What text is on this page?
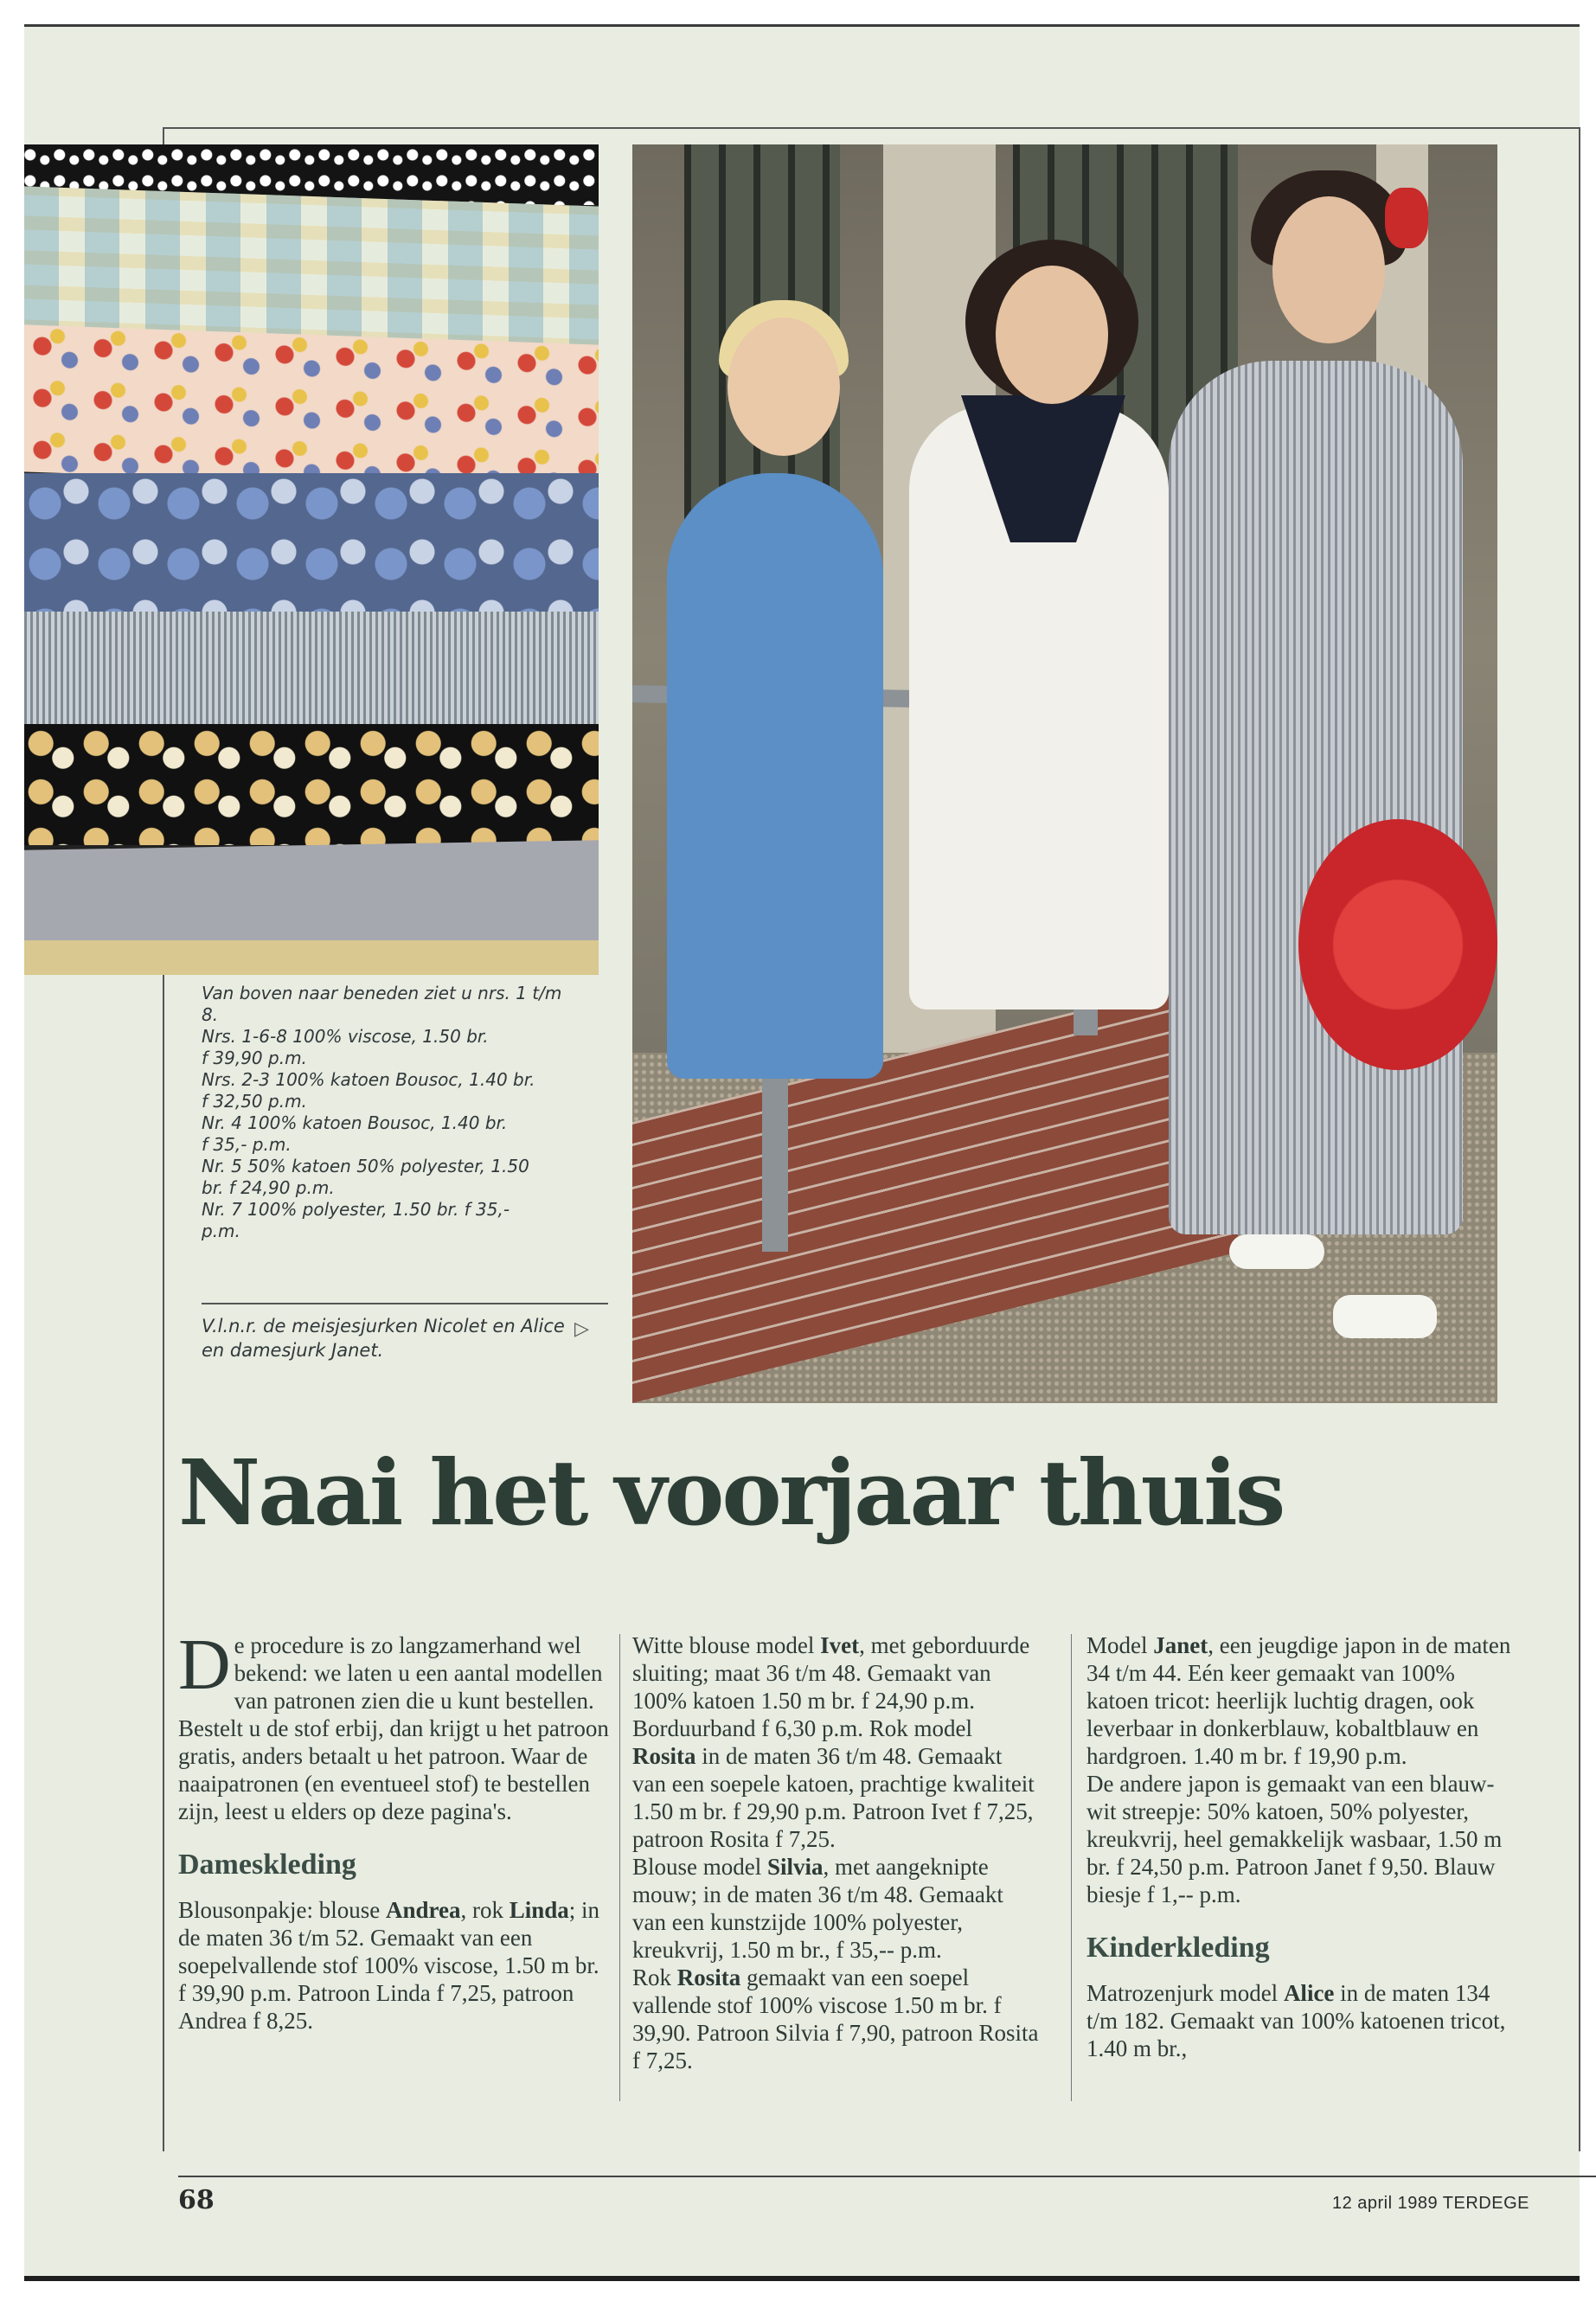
Van boven naar beneden ziet u nrs. 1 t/m
8.
Nrs. 1-6-8 100% viscose, 1.50 br.
f 39,90 p.m.
Nrs. 2-3 100% katoen Bousoc, 1.40 br.
f 32,50 p.m.
Nr. 4 100% katoen Bousoc, 1.40 br.
f 35,- p.m.
Nr. 5 50% katoen 50% polyester, 1.50
br. f 24,90 p.m.
Nr. 7 100% polyester, 1.50 br. f 35,-
p.m.
V.l.n.r. de meisjesjurken Nicolet en Alice en damesjurk Janet.
▷
Naai het voorjaar thuis
D e procedure is zo langzamerhand wel bekend: we laten u een aantal modellen van patronen zien die u kunt bestellen. Bestelt u de stof erbij, dan krijgt u het patroon gratis, anders betaalt u het patroon. Waar de naaipatronen (en eventueel stof) te bestellen zijn, leest u elders op deze pagina's.
Dameskleding
Blousonpakje: blouse Andrea, rok Linda; in de maten 36 t/m 52. Gemaakt van een soepelvallende stof 100% viscose, 1.50 m br. f 39,90 p.m. Patroon Linda f 7,25, patroon Andrea f 8,25.
Witte blouse model Ivet, met geborduurde sluiting; maat 36 t/m 48. Gemaakt van 100% katoen 1.50 m br. f 24,90 p.m. Borduurband f 6,30 p.m. Rok model Rosita in de maten 36 t/m 48. Gemaakt van een soepele katoen, prachtige kwaliteit 1.50 m br. f 29,90 p.m. Patroon Ivet f 7,25, patroon Rosita f 7,25.
Blouse model Silvia, met aangeknipte mouw; in de maten 36 t/m 48. Gemaakt van een kunstzijde 100% polyester, kreukvrij, 1.50 m br., f 35,-- p.m.
Rok Rosita gemaakt van een soepel vallende stof 100% viscose 1.50 m br. f 39,90. Patroon Silvia f 7,90, patroon Rosita f 7,25.
Model Janet, een jeugdige japon in de maten 34 t/m 44. Eén keer gemaakt van 100% katoen tricot: heerlijk luchtig dragen, ook leverbaar in donkerblauw, kobaltblauw en hardgroen. 1.40 m br. f 19,90 p.m.
De andere japon is gemaakt van een blauw-wit streepje: 50% katoen, 50% polyester, kreukvrij, heel gemakkelijk wasbaar, 1.50 m br. f 24,50 p.m. Patroon Janet f 9,50. Blauw biesje f 1,-- p.m.
Kinderkleding
Matrozenjurk model Alice in de maten 134 t/m 182. Gemaakt van 100% katoenen tricot, 1.40 m br.,
68	12 april 1989 TERDEGE
